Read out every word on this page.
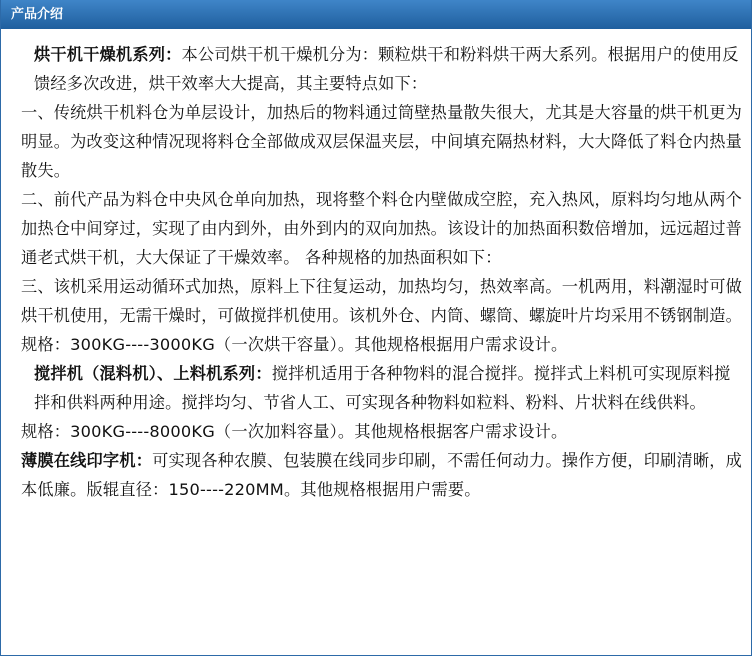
产品介绍

烘干机干燥机系列：本公司烘干机干燥机分为：颗粒烘干和粉料烘干两大系列。根据用户的使用反馈经多次改进，烘干效率大大提高，其主要特点如下：

一、传统烘干机料仓为单层设计，加热后的物料通过筒壁热量散失很大，尤其是大容量的烘干机更为明显。为改变这种情况现将料仓全部做成双层保温夹层，中间填充隔热材料，大大降低了料仓内热量散失。

二、前代产品为料仓中央风仓单向加热，现将整个料仓内壁做成空腔，充入热风，原料均匀地从两个加热仓中间穿过，实现了由内到外，由外到内的双向加热。该设计的加热面积数倍增加，远远超过普通老式烘干机，大大保证了干燥效率。 各种规格的加热面积如下：

三、该机采用运动循环式加热，原料上下往复运动，加热均匀，热效率高。一机两用，料潮湿时可做烘干机使用，无需干燥时，可做搅拌机使用。该机外仓、内筒、螺筒、螺旋叶片均采用不锈钢制造。

规格：300KG----3000KG（一次烘干容量）。其他规格根据用户需求设计。

搅拌机（混料机）、上料机系列：搅拌机适用于各种物料的混合搅拌。搅拌式上料机可实现原料搅拌和供料两种用途。搅拌均匀、节省人工、可实现各种物料如粒料、粉料、片状料在线供料。

规格：300KG----8000KG（一次加料容量）。其他规格根据客户需求设计。

薄膜在线印字机：可实现各种农膜、包装膜在线同步印刷，不需任何动力。操作方便，印刷清晰，成本低廉。版辊直径：150----220MM。其他规格根据用户需要。
